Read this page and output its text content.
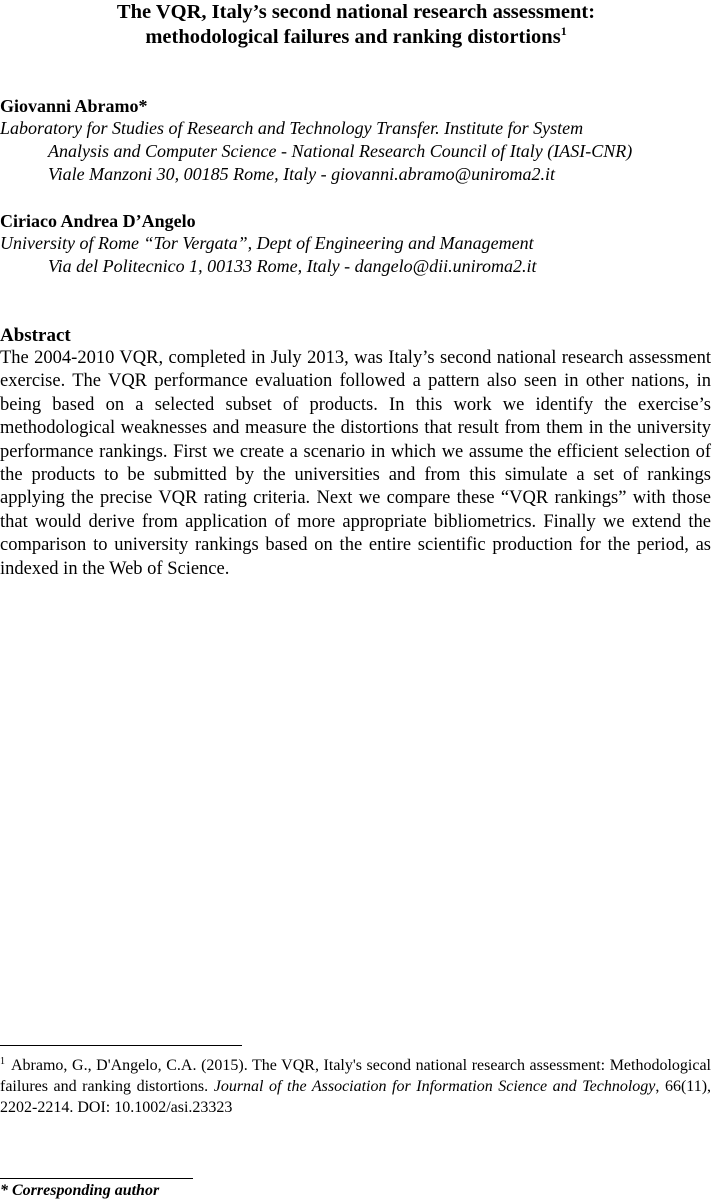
The VQR, Italy’s second national research assessment:
methodological failures and ranking distortions$^1$

Giovanni Abramo*

Laboratory for Studies of Research and Technology Transfer. Institute for System
Analysis and Computer Science - National Research Council of Italy (IASI-CNR)
Viale Manzoni 30, 00185 Rome, Italy - giovanni.abramo@uniroma2.it

Ciriaco Andrea D’Angelo

University of Rome “Tor Vergata”, Dept of Engineering and Management
Via del Politecnico 1, 00133 Rome, Italy - dangelo@dii.uniroma2.it

Abstract

The 2004-2010 VQR, completed in July 2013, was Italy’s second national research assessment exercise. The VQR performance evaluation followed a pattern also seen in other nations, in being based on a selected subset of products. In this work we identify the exercise’s methodological weaknesses and measure the distortions that result from them in the university performance rankings. First we create a scenario in which we assume the efficient selection of the products to be submitted by the universities and from this simulate a set of rankings applying the precise VQR rating criteria. Next we compare these “VQR rankings” with those that would derive from application of more appropriate bibliometrics. Finally we extend the comparison to university rankings based on the entire scientific production for the period, as indexed in the Web of Science.

$^1$ Abramo, G., D'Angelo, C.A. (2015). The VQR, Italy's second national research assessment: Methodological failures and ranking distortions. Journal of the Association for Information Science and Technology, 66(11), 2202-2214. DOI: 10.1002/asi.23323

* Corresponding author
